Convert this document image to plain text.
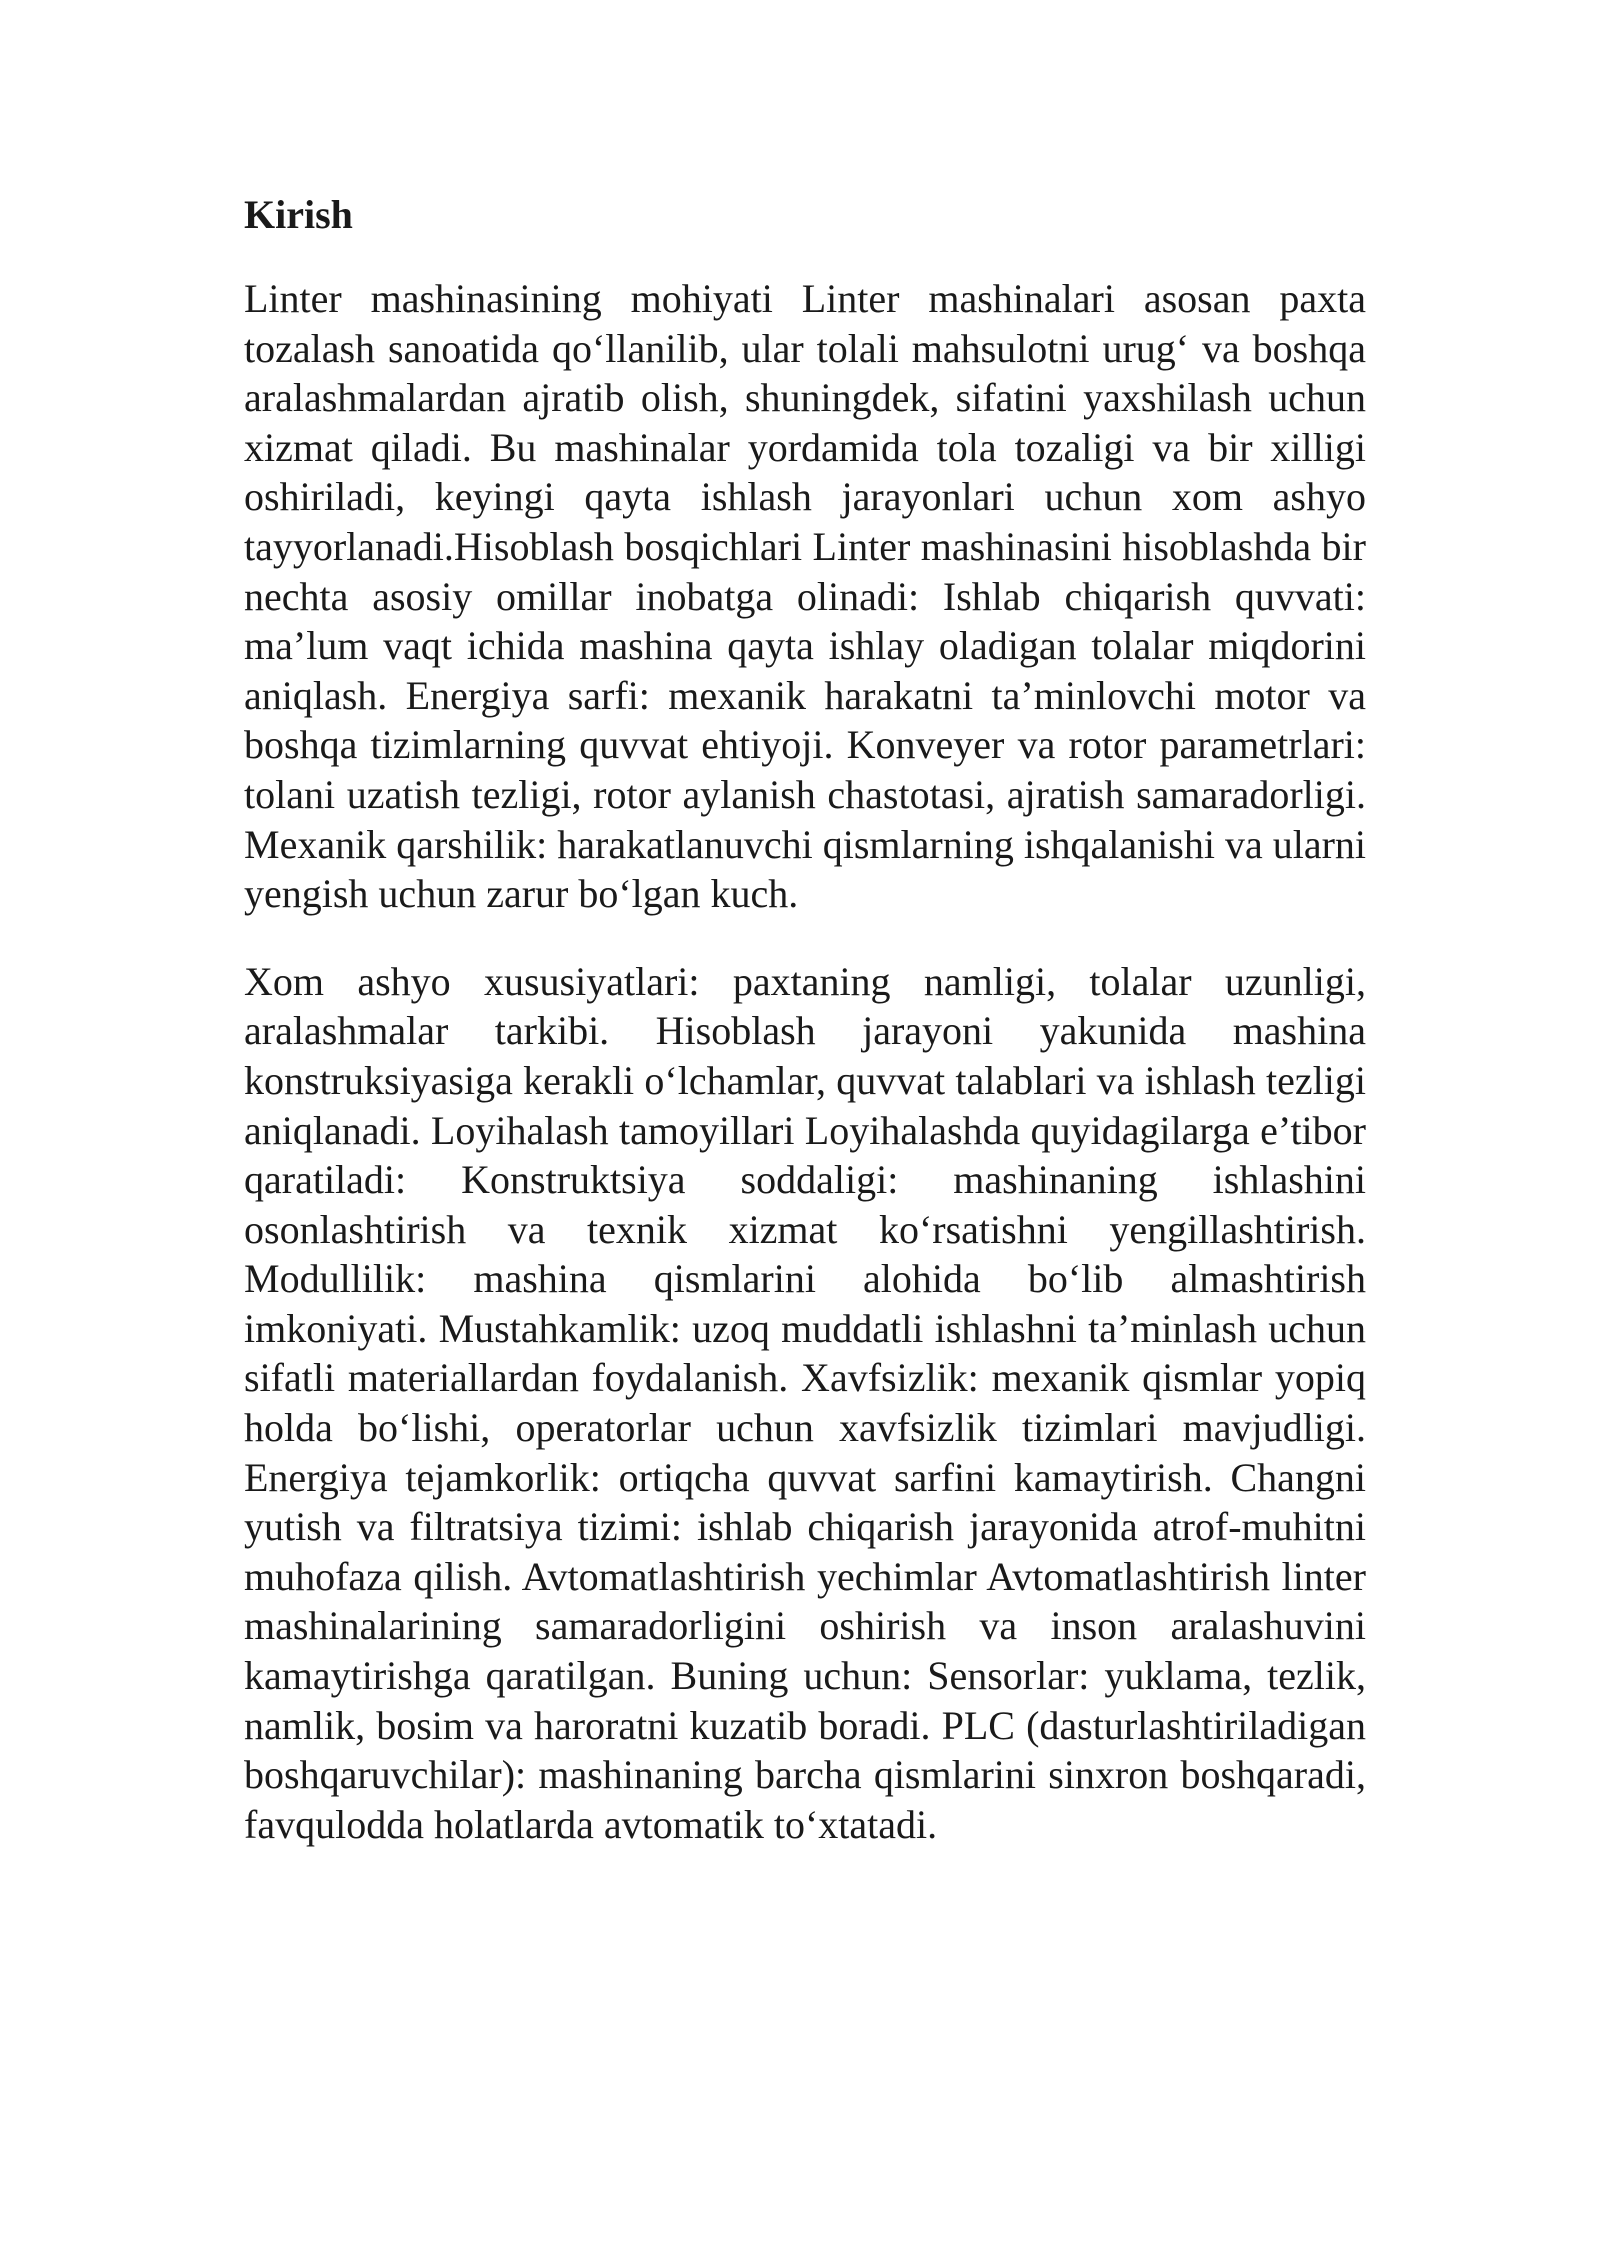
Kirish

Linter mashinasining mohiyati Linter mashinalari asosan paxta tozalash sanoatida qo‘llanilib, ular tolali mahsulotni urug‘ va boshqa aralashmalardan ajratib olish, shuningdek, sifatini yaxshilash uchun xizmat qiladi. Bu mashinalar yordamida tola tozaligi va bir xilligi oshiriladi, keyingi qayta ishlash jarayonlari uchun xom ashyo tayyorlanadi.Hisoblash bosqichlari Linter mashinasini hisoblashda bir nechta asosiy omillar inobatga olinadi: Ishlab chiqarish quvvati: ma’lum vaqt ichida mashina qayta ishlay oladigan tolalar miqdorini aniqlash. Energiya sarfi: mexanik harakatni ta’minlovchi motor va boshqa tizimlarning quvvat ehtiyoji. Konveyer va rotor parametrlari: tolani uzatish tezligi, rotor aylanish chastotasi, ajratish samaradorligi. Mexanik qarshilik: harakatlanuvchi qismlarning ishqalanishi va ularni yengish uchun zarur bo‘lgan kuch.

Xom ashyo xususiyatlari: paxtaning namligi, tolalar uzunligi, aralashmalar tarkibi. Hisoblash jarayoni yakunida mashina konstruksiyasiga kerakli o‘lchamlar, quvvat talablari va ishlash tezligi aniqlanadi. Loyihalash tamoyillari Loyihalashda quyidagilarga e’tibor qaratiladi: Konstruktsiya soddaligi: mashinaning ishlashini osonlashtirish va texnik xizmat ko‘rsatishni yengillashtirish. Modullilik: mashina qismlarini alohida bo‘lib almashtirish imkoniyati. Mustahkamlik: uzoq muddatli ishlashni ta’minlash uchun sifatli materiallardan foydalanish. Xavfsizlik: mexanik qismlar yopiq holda bo‘lishi, operatorlar uchun xavfsizlik tizimlari mavjudligi. Energiya tejamkorlik: ortiqcha quvvat sarfini kamaytirish. Changni yutish va filtratsiya tizimi: ishlab chiqarish jarayonida atrof-muhitni muhofaza qilish. Avtomatlashtirish yechimlar Avtomatlashtirish linter mashinalarining samaradorligini oshirish va inson aralashuvini kamaytirishga qaratilgan. Buning uchun: Sensorlar: yuklama, tezlik, namlik, bosim va haroratni kuzatib boradi. PLC (dasturlashtiriladigan boshqaruvchilar): mashinaning barcha qismlarini sinxron boshqaradi, favqulodda holatlarda avtomatik to‘xtatadi.
